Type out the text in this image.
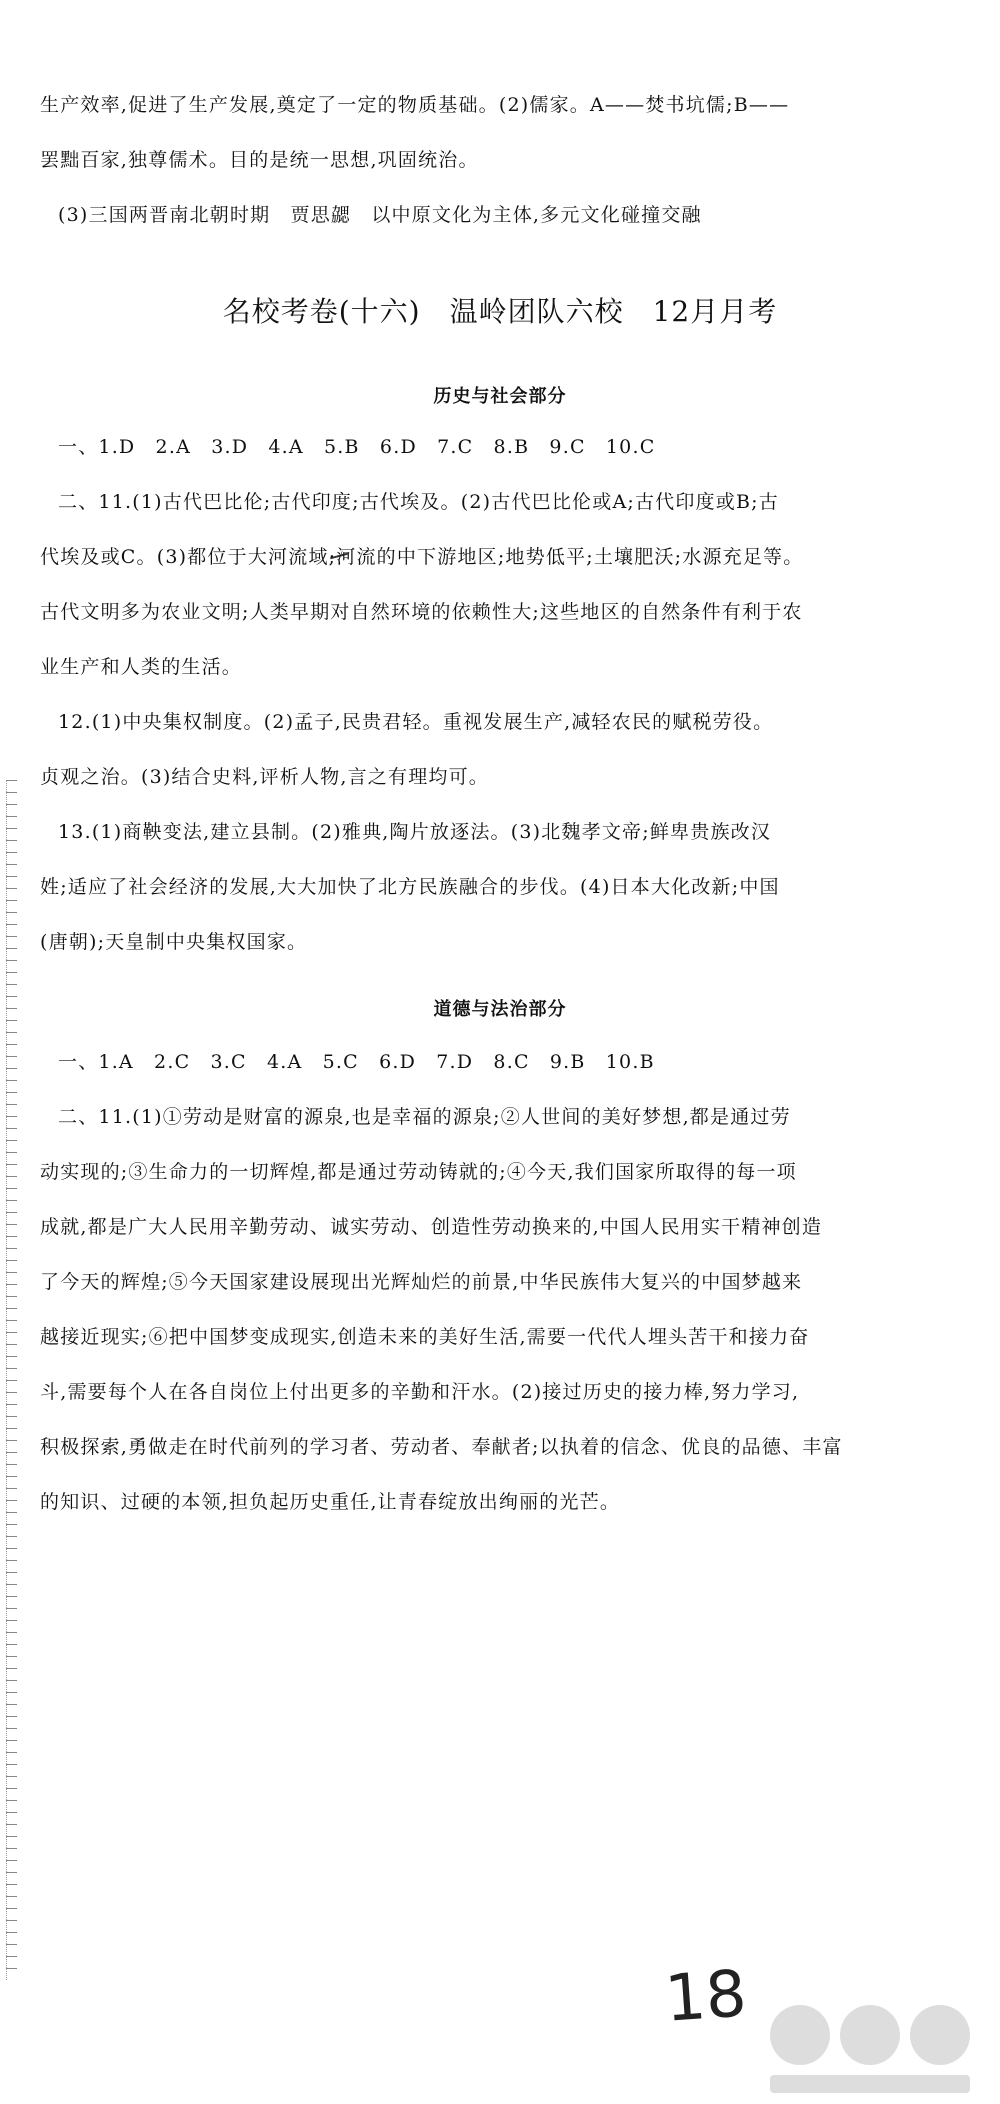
生产效率,促进了生产发展,奠定了一定的物质基础。(2)儒家。A——焚书坑儒;B——
罢黜百家,独尊儒术。目的是统一思想,巩固统治。
(3)三国两晋南北朝时期　贾思勰　以中原文化为主体,多元文化碰撞交融
名校考卷(十六)　温岭团队六校　12月月考
历史与社会部分
一、1.D　2.A　3.D　4.A　5.B　6.D　7.C　8.B　9.C　10.C
二、11.(1)古代巴比伦;古代印度;古代埃及。(2)古代巴比伦或A;古代印度或B;古
代埃及或C。(3)都位于大河流域;河流的中下游地区;地势低平;土壤肥沃;水源充足等。
古代文明多为农业文明;人类早期对自然环境的依赖性大;这些地区的自然条件有利于农
业生产和人类的生活。
12.(1)中央集权制度。(2)孟子,民贵君轻。重视发展生产,减轻农民的赋税劳役。
贞观之治。(3)结合史料,评析人物,言之有理均可。
13.(1)商鞅变法,建立县制。(2)雅典,陶片放逐法。(3)北魏孝文帝;鲜卑贵族改汉
姓;适应了社会经济的发展,大大加快了北方民族融合的步伐。(4)日本大化改新;中国
(唐朝);天皇制中央集权国家。
道德与法治部分
一、1.A　2.C　3.C　4.A　5.C　6.D　7.D　8.C　9.B　10.B
二、11.(1)①劳动是财富的源泉,也是幸福的源泉;②人世间的美好梦想,都是通过劳
动实现的;③生命力的一切辉煌,都是通过劳动铸就的;④今天,我们国家所取得的每一项
成就,都是广大人民用辛勤劳动、诚实劳动、创造性劳动换来的,中国人民用实干精神创造
了今天的辉煌;⑤今天国家建设展现出光辉灿烂的前景,中华民族伟大复兴的中国梦越来
越接近现实;⑥把中国梦变成现实,创造未来的美好生活,需要一代代人埋头苦干和接力奋
斗,需要每个人在各自岗位上付出更多的辛勤和汗水。(2)接过历史的接力棒,努力学习,
积极探索,勇做走在时代前列的学习者、劳动者、奉献者;以执着的信念、优良的品德、丰富
的知识、过硬的本领,担负起历史重任,让青春绽放出绚丽的光芒。
18
